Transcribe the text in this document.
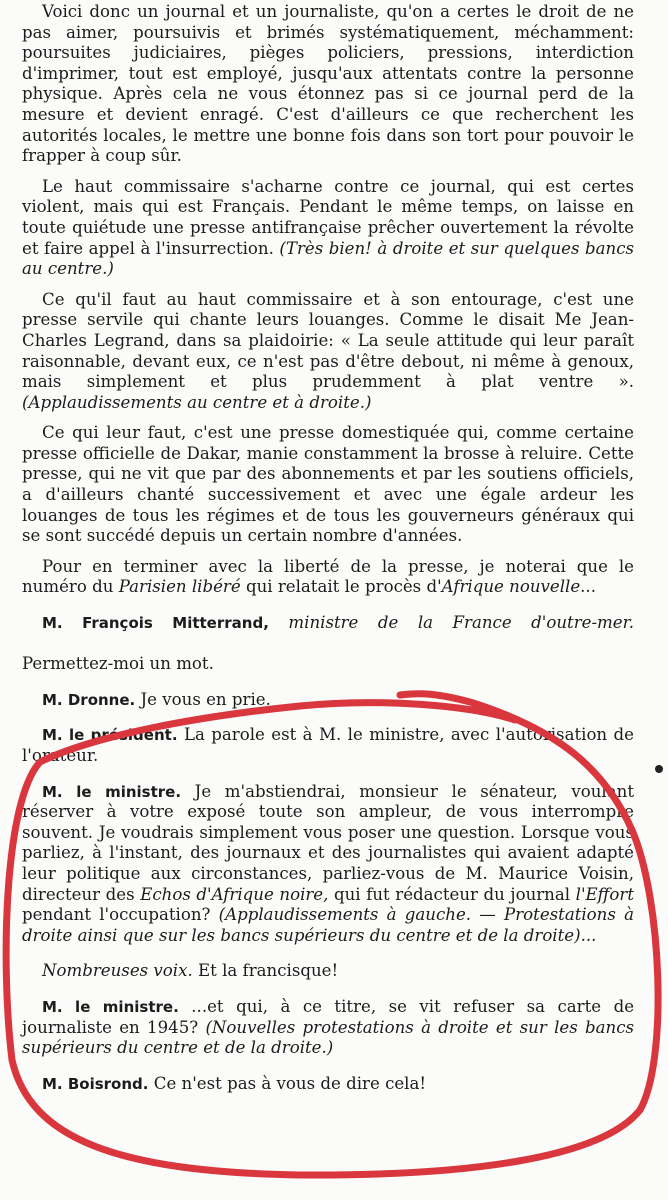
Voici donc un journal et un journaliste, qu'on a certes le droit de ne pas aimer, poursuivis et brimés systématiquement, méchamment: poursuites judiciaires, pièges policiers, pressions, interdiction d'imprimer, tout est employé, jusqu'aux attentats contre la personne physique. Après cela ne vous étonnez pas si ce journal perd de la mesure et devient enragé. C'est d'ailleurs ce que recherchent les autorités locales, le mettre une bonne fois dans son tort pour pouvoir le frapper à coup sûr.

Le haut commissaire s'acharne contre ce journal, qui est certes violent, mais qui est Français. Pendant le même temps, on laisse en toute quiétude une presse antifrançaise prêcher ouvertement la révolte et faire appel à l'insurrection. (Très bien! à droite et sur quelques bancs au centre.)

Ce qu'il faut au haut commissaire et à son entourage, c'est une presse servile qui chante leurs louanges. Comme le disait Me Jean-Charles Legrand, dans sa plaidoirie: « La seule attitude qui leur paraît raisonnable, devant eux, ce n'est pas d'être debout, ni même à genoux, mais simplement et plus prudemment à plat ventre ». (Applaudissements au centre et à droite.)

Ce qui leur faut, c'est une presse domestiquée qui, comme certaine presse officielle de Dakar, manie constamment la brosse à reluire. Cette presse, qui ne vit que par des abonnements et par les soutiens officiels, a d'ailleurs chanté successivement et avec une égale ardeur les louanges de tous les régimes et de tous les gouverneurs généraux qui se sont succédé depuis un certain nombre d'années.

Pour en terminer avec la liberté de la presse, je noterai que le numéro du Parisien libéré qui relatait le procès d'Afrique nouvelle...

M. François Mitterrand, ministre de la France d'outre-mer.Permettez-moi un mot.

M. Dronne. Je vous en prie.

M. le président. La parole est à M. le ministre, avec l'autorisation de l'orateur.

M. le ministre. Je m'abstiendrai, monsieur le sénateur, voulant réserver à votre exposé toute son ampleur, de vous interrompre souvent. Je voudrais simplement vous poser une question. Lorsque vous parliez, à l'instant, des journaux et des journalistes qui avaient adapté leur politique aux circonstances, parliez-vous de M. Maurice Voisin, directeur des Echos d'Afrique noire, qui fut rédacteur du journal l'Effort pendant l'occupation? (Applaudissements à gauche. — Protestations à droite ainsi que sur les bancs supérieurs du centre et de la droite)...

Nombreuses voix. Et la francisque!

M. le ministre. ...et qui, à ce titre, se vit refuser sa carte de journaliste en 1945? (Nouvelles protestations à droite et sur les bancs supérieurs du centre et de la droite.)

M. Boisrond. Ce n'est pas à vous de dire cela!
